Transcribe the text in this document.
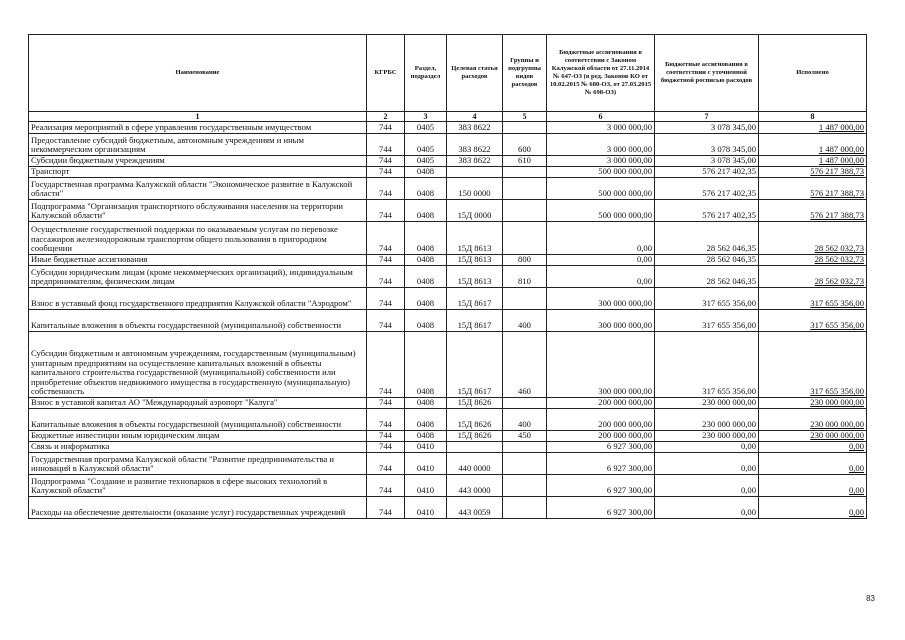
Наименование	КГРБС	Раздел, подраздел	Целевая статья расходов	Группы и подгруппы видов расходов	Бюджетные ассигнования в соответствии с Законом Калужской области от 27.11.2014 № 647-ОЗ (в ред. Законов КО от 10.02.2015 № 680-ОЗ, от 27.03.2015 № 698-ОЗ)	Бюджетные ассигнования в соответствии с уточненной бюджетной росписью расходов	Исполнено
1	2	3	4	5	6	7	8
Реализация мероприятий в сфере управления государственным имуществом	744	0405	383 8622		3 000 000,00	3 078 345,00	1 487 000,00
Предоставление субсидий бюджетным, автономным учреждениям и иным некоммерческим организациям	744	0405	383 8622	600	3 000 000,00	3 078 345,00	1 487 000,00
Субсидии бюджетным учреждениям	744	0405	383 8622	610	3 000 000,00	3 078 345,00	1 487 000,00
Транспорт	744	0408			500 000 000,00	576 217 402,35	576 217 388,73
Государственная программа Калужской области "Экономическое развитие в Калужской области"	744	0408	150 0000		500 000 000,00	576 217 402,35	576 217 388,73
Подпрограмма "Организация транспортного обслуживания населения на территории Калужской области"	744	0408	15Д 0000		500 000 000,00	576 217 402,35	576 217 388,73
Осуществление государственной поддержки по оказываемым услугам по перевозке пассажиров железнодорожным транспортом общего пользования в пригородном сообщении	744	0408	15Д 8613		0,00	28 562 046,35	28 562 032,73
Иные бюджетные ассигнования	744	0408	15Д 8613	800	0,00	28 562 046,35	28 562 032,73
Субсидии юридическим лицам (кроме некоммерческих организаций), индивидуальным предпринимателям, физическим лицам	744	0408	15Д 8613	810	0,00	28 562 046,35	28 562 032,73
Взнос в уставный фонд государственного предприятия Калужской области "Аэродром"	744	0408	15Д 8617		300 000 000,00	317 655 356,00	317 655 356,00
Капитальные вложения в объекты государственной (муниципальной) собственности	744	0408	15Д 8617	400	300 000 000,00	317 655 356,00	317 655 356,00
Субсидии бюджетным и автономным учреждениям, государственным (муниципальным) унитарным предприятиям на осуществление капитальных вложений в объекты капитального строительства государственной (муниципальной) собственности или приобретение объектов недвижимого имущества в государственную (муниципальную) собственность	744	0408	15Д 8617	460	300 000 000,00	317 655 356,00	317 655 356,00
Взнос в уставной капитал АО "Международный аэропорт "Калуга"	744	0408	15Д 8626		200 000 000,00	230 000 000,00	230 000 000,00
Капитальные вложения в объекты государственной (муниципальной) собственности	744	0408	15Д 8626	400	200 000 000,00	230 000 000,00	230 000 000,00
Бюджетные инвестиции иным юридическим лицам	744	0408	15Д 8626	450	200 000 000,00	230 000 000,00	230 000 000,00
Связь и информатика	744	0410			6 927 300,00	0,00	0,00
Государственная программа Калужской области "Развитие предпринимательства и инноваций в Калужской области"	744	0410	440 0000		6 927 300,00	0,00	0,00
Подпрограмма "Создание и развитие технопарков в сфере высоких технологий в Калужской области"	744	0410	443 0000		6 927 300,00	0,00	0,00
Расходы на обеспечение деятельности (оказание услуг) государственных учреждений	744	0410	443 0059		6 927 300,00	0,00	0,00
83
